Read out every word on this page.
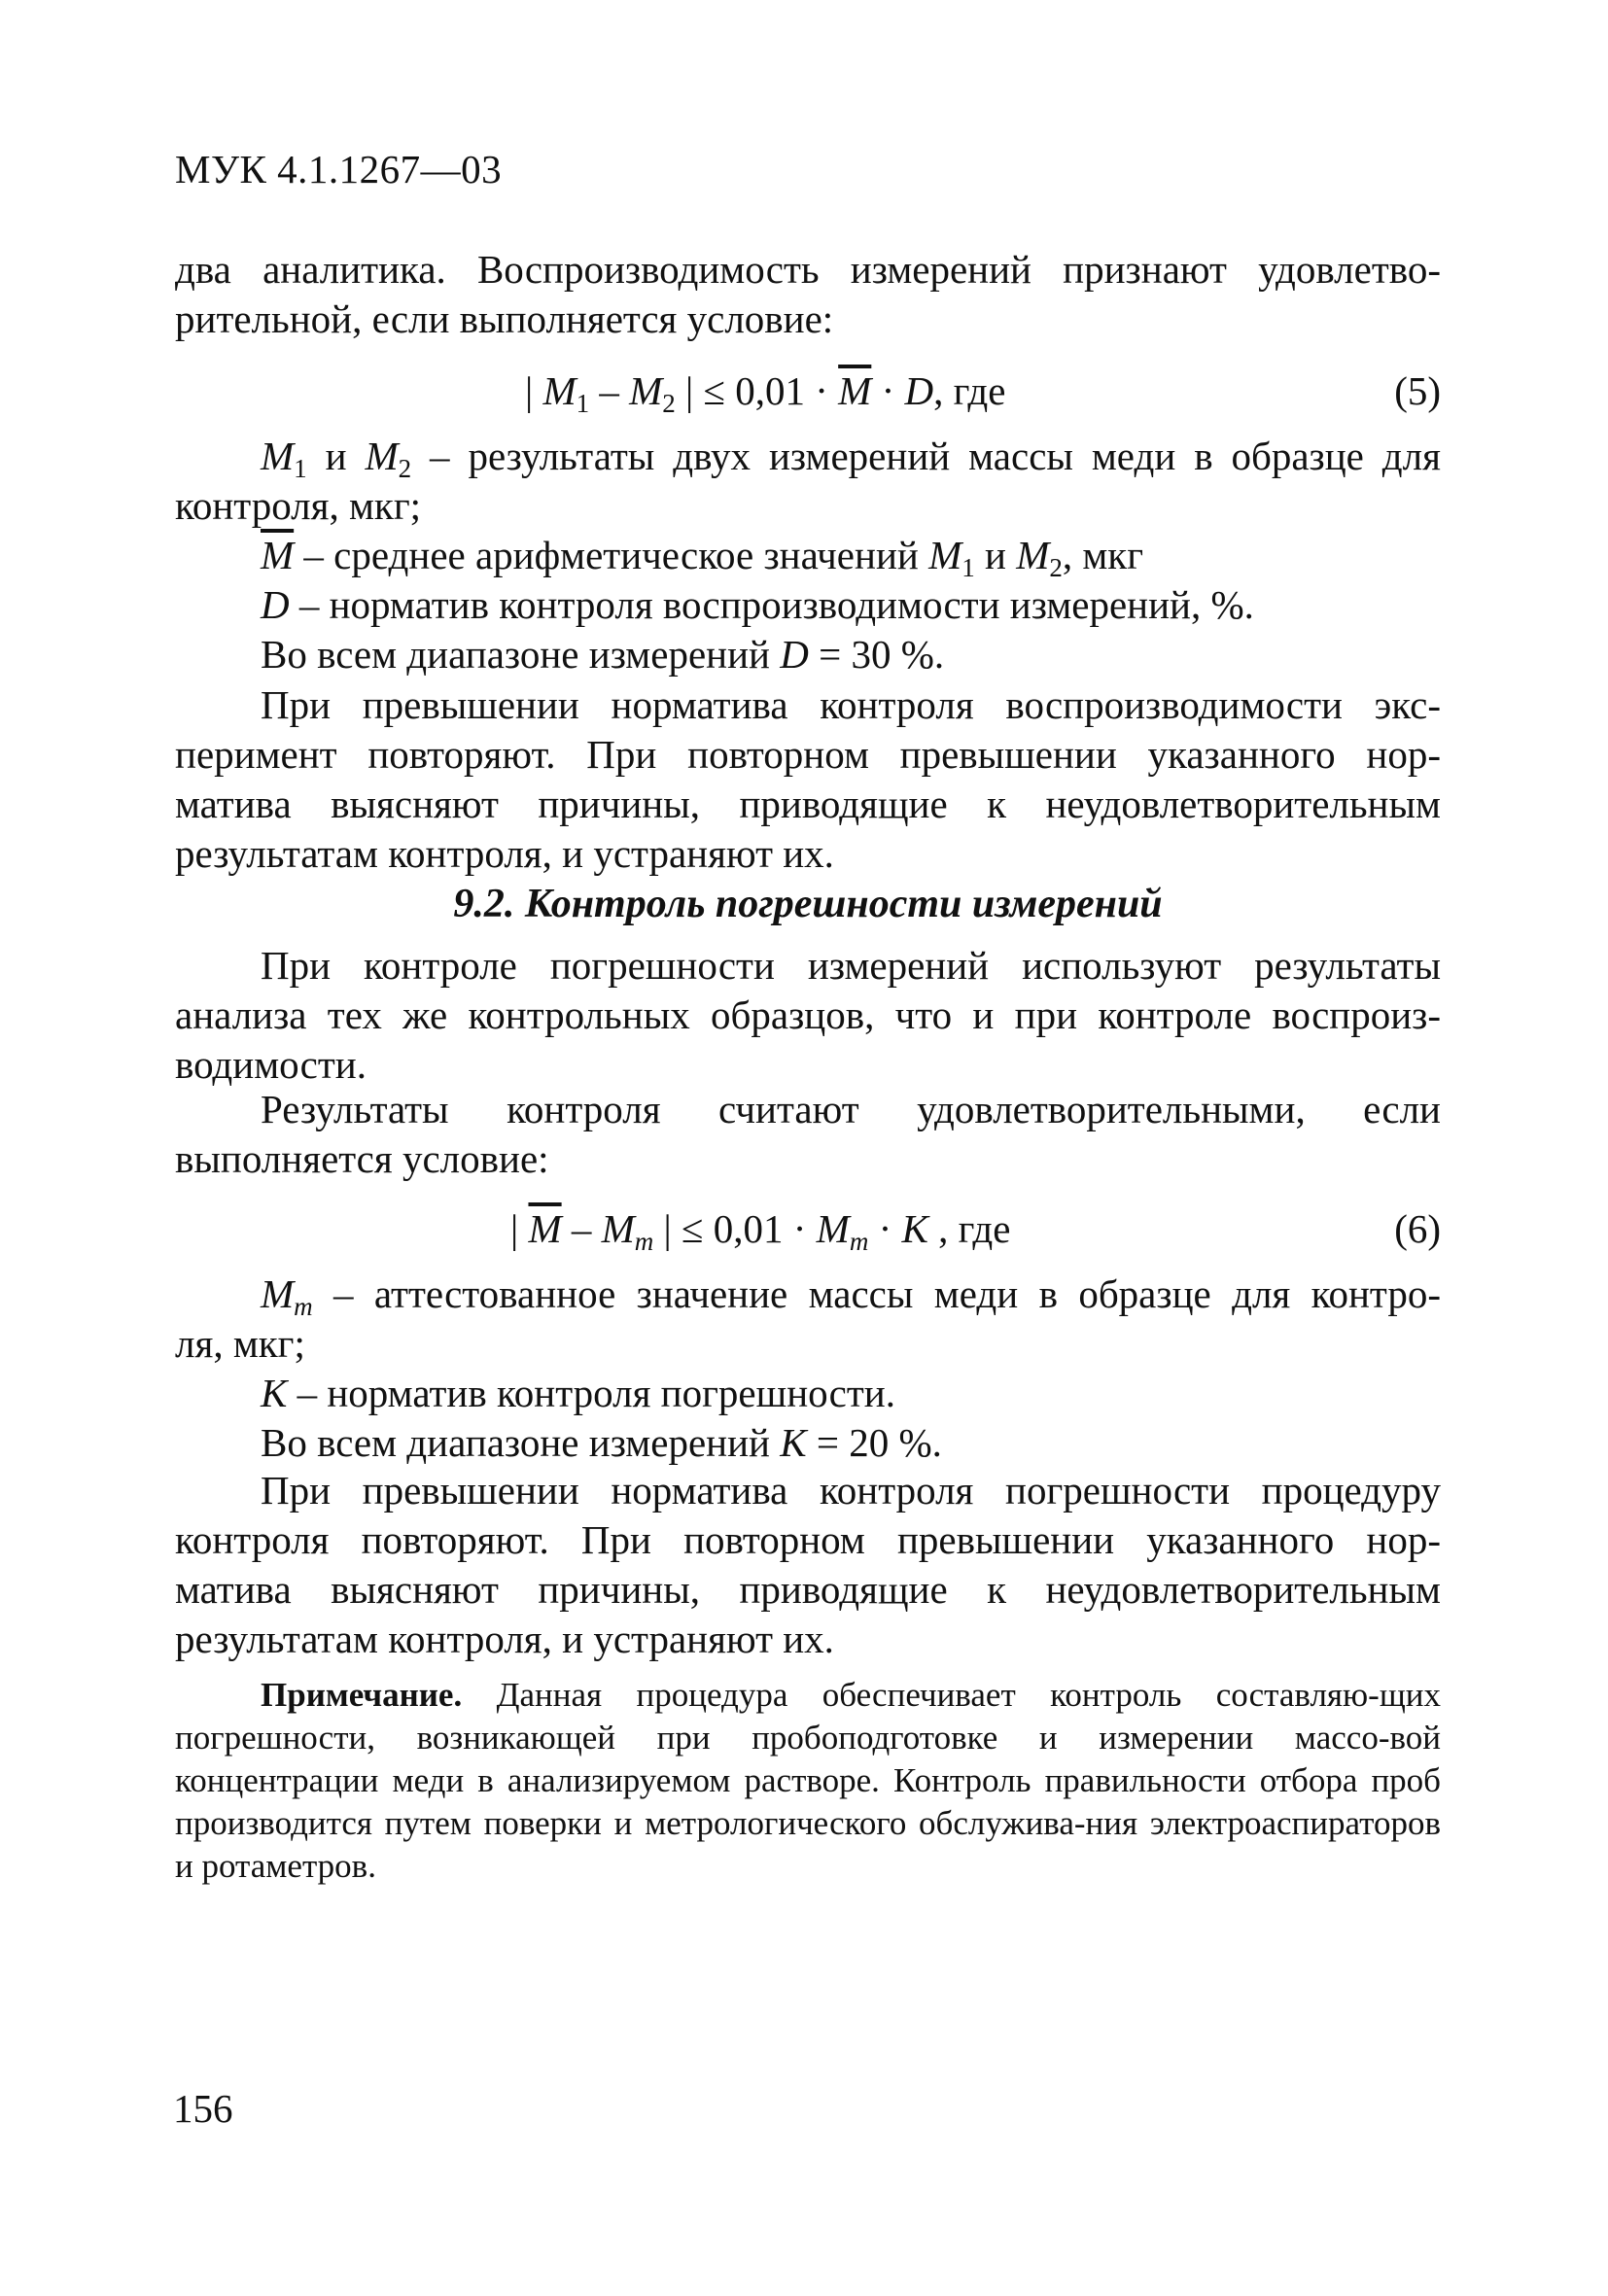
МУК 4.1.1267—03
два аналитика. Воспроизводимость измерений признают удовлетво-
рительной, если выполняется условие:
| $M_1 - M_2$ | ≤ $0,01 \cdot \overline{M} \cdot D$, где	(5)
$M_1$ и $M_2$ – результаты двух измерений массы меди в образце для
контроля, мкг;
$\overline{M}$ – среднее арифметическое значений $M_1$ и $M_2$, мкг
D – норматив контроля воспроизводимости измерений, %.
Во всем диапазоне измерений D = 30 %.
При превышении норматива контроля воспроизводимости экс-
перимент повторяют. При повторном превышении указанного нор-
матива выясняют причины, приводящие к неудовлетворительным
результатам контроля, и устраняют их.
9.2. Контроль погрешности измерений
При контроле погрешности измерений используют результаты
анализа тех же контрольных образцов, что и при контроле воспроиз-
водимости.
Результаты контроля считают удовлетворительными, если
выполняется условие:
| $\overline{M} - M_m$ | ≤ $0,01 \cdot M_m \cdot K$ , где	(6)
$M_m$ – аттестованное значение массы меди в образце для контро-
ля, мкг;
K – норматив контроля погрешности.
Во всем диапазоне измерений K = 20 %.
При превышении норматива контроля погрешности процедуру
контроля повторяют. При повторном превышении указанного нор-
матива выясняют причины, приводящие к неудовлетворительным
результатам контроля, и устраняют их.

Примечание. Данная процедура обеспечивает контроль составляю-щих погрешности, возникающей при пробоподготовке и измерении массо-вой концентрации меди в анализируемом растворе. Контроль правильности отбора проб производится путем поверки и метрологического обслужива-ния электроаспираторов и ротаметров.

156
